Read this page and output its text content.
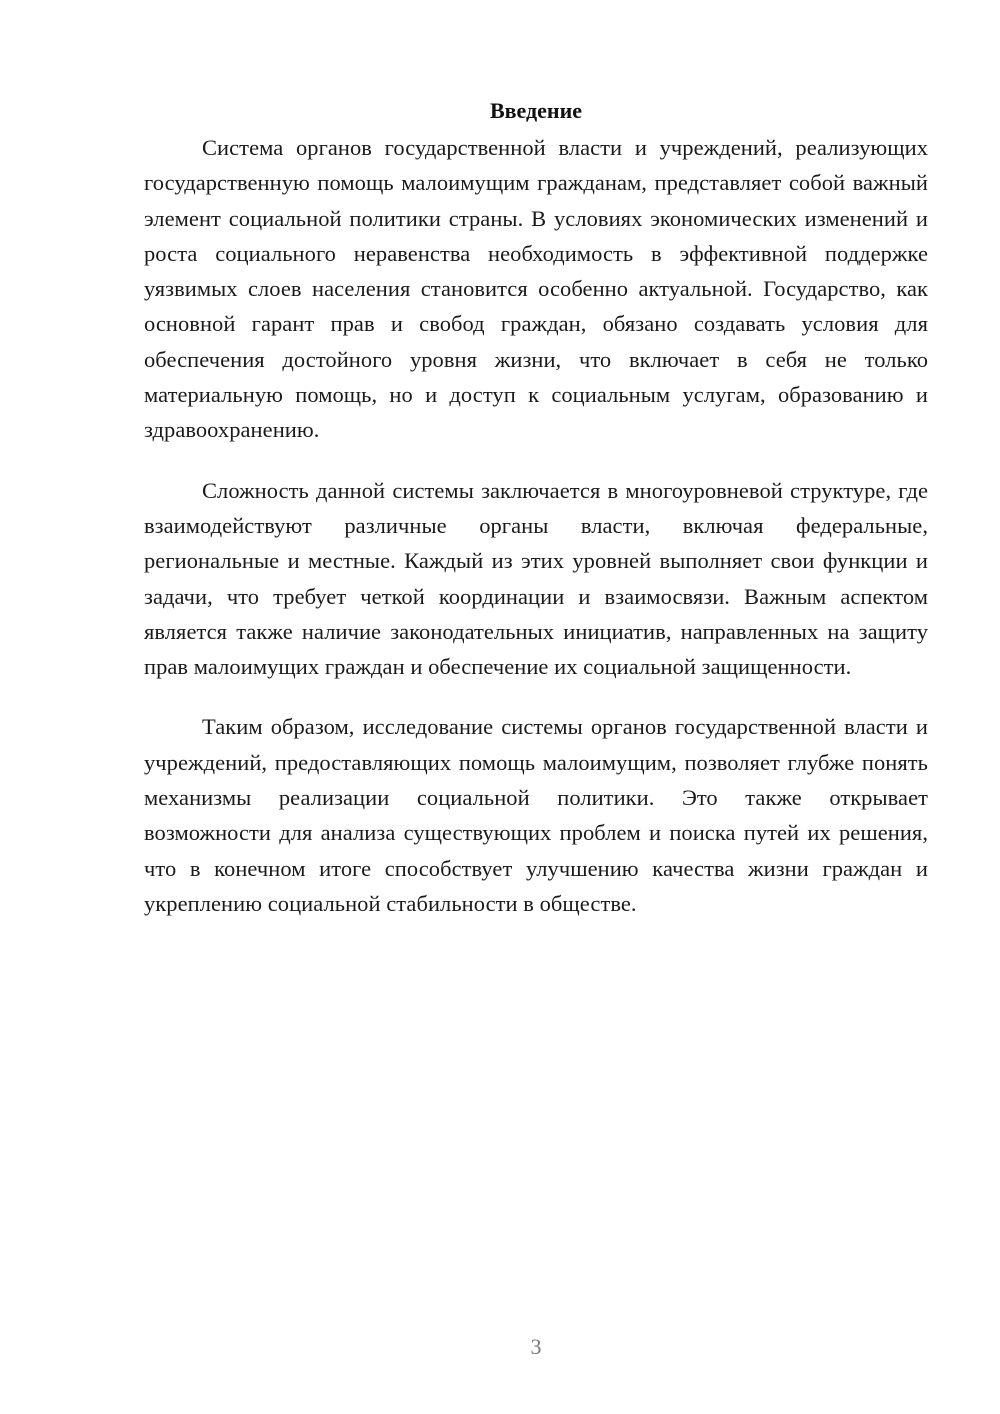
Введение

Система органов государственной власти и учреждений, реализующих государственную помощь малоимущим гражданам, представляет собой важный элемент социальной политики страны. В условиях экономических изменений и роста социального неравенства необходимость в эффективной поддержке уязвимых слоев населения становится особенно актуальной. Государство, как основной гарант прав и свобод граждан, обязано создавать условия для обеспечения достойного уровня жизни, что включает в себя не только материальную помощь, но и доступ к социальным услугам, образованию и здравоохранению.

Сложность данной системы заключается в многоуровневой структуре, где взаимодействуют различные органы власти, включая федеральные, региональные и местные. Каждый из этих уровней выполняет свои функции и задачи, что требует четкой координации и взаимосвязи. Важным аспектом является также наличие законодательных инициатив, направленных на защиту прав малоимущих граждан и обеспечение их социальной защищенности.

Таким образом, исследование системы органов государственной власти и учреждений, предоставляющих помощь малоимущим, позволяет глубже понять механизмы реализации социальной политики. Это также открывает возможности для анализа существующих проблем и поиска путей их решения, что в конечном итоге способствует улучшению качества жизни граждан и укреплению социальной стабильности в обществе.

3
